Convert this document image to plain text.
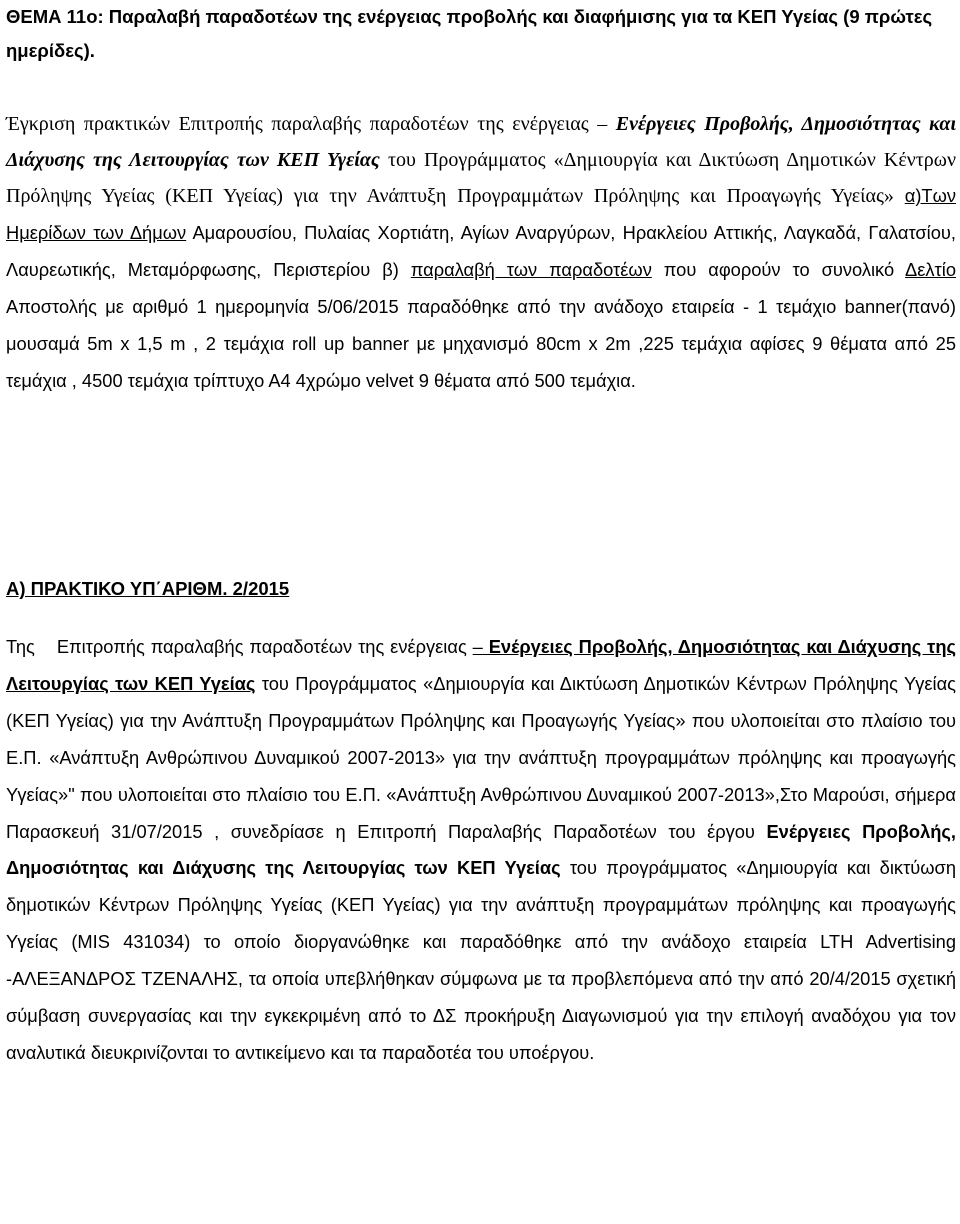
ΘΕΜΑ 11ο: Παραλαβή παραδοτέων της ενέργειας προβολής και διαφήμισης για τα ΚΕΠ Υγείας (9 πρώτες ημερίδες).

Έγκριση πρακτικών Επιτροπής παραλαβής παραδοτέων της ενέργειας – Ενέργειες Προβολής, Δημοσιότητας και Διάχυσης της Λειτουργίας των ΚΕΠ Υγείας του Προγράμματος «Δημιουργία και Δικτύωση Δημοτικών Κέντρων Πρόληψης Υγείας (ΚΕΠ Υγείας) για την Ανάπτυξη Προγραμμάτων Πρόληψης και Προαγωγής Υγείας» α)Των Ημερίδων των Δήμων Αμαρουσίου, Πυλαίας Χορτιάτη, Αγίων Αναργύρων, Ηρακλείου Αττικής, Λαγκαδά, Γαλατσίου, Λαυρεωτικής, Μεταμόρφωσης, Περιστερίου β) παραλαβή των παραδοτέων που αφορούν το συνολικό Δελτίο Αποστολής με αριθμό 1 ημερομηνία 5/06/2015 παραδόθηκε από την ανάδοχο εταιρεία - 1 τεμάχιο banner(πανό) μουσαμά 5m x 1,5 m , 2 τεμάχια roll up banner με μηχανισμό 80cm x 2m ,225 τεμάχια αφίσες 9 θέματα από 25 τεμάχια , 4500 τεμάχια τρίπτυχο Α4 4χρώμο velvet 9 θέματα από 500 τεμάχια.

Α) ΠΡΑΚΤΙΚΟ ΥΠ΄ΑΡΙΘΜ. 2/2015

Της Επιτροπής παραλαβής παραδοτέων της ενέργειας – Ενέργειες Προβολής, Δημοσιότητας και Διάχυσης της Λειτουργίας των ΚΕΠ Υγείας του Προγράμματος «Δημιουργία και Δικτύωση Δημοτικών Κέντρων Πρόληψης Υγείας (ΚΕΠ Υγείας) για την Ανάπτυξη Προγραμμάτων Πρόληψης και Προαγωγής Υγείας» που υλοποιείται στο πλαίσιο του Ε.Π. «Ανάπτυξη Ανθρώπινου Δυναμικού 2007-2013» για την ανάπτυξη προγραμμάτων πρόληψης και προαγωγής Υγείας»" που υλοποιείται στο πλαίσιο του Ε.Π. «Ανάπτυξη Ανθρώπινου Δυναμικού 2007-2013»,Στο Μαρούσι, σήμερα Παρασκευή 31/07/2015 , συνεδρίασε η Επιτροπή Παραλαβής Παραδοτέων του έργου Ενέργειες Προβολής, Δημοσιότητας και Διάχυσης της Λειτουργίας των ΚΕΠ Υγείας του προγράμματος «Δημιουργία και δικτύωση δημοτικών Κέντρων Πρόληψης Υγείας (ΚΕΠ Υγείας) για την ανάπτυξη προγραμμάτων πρόληψης και προαγωγής Υγείας (MIS 431034) το οποίο διοργανώθηκε και παραδόθηκε από την ανάδοχο εταιρεία LTH Advertising -ΑΛΕΞΑΝΔΡΟΣ ΤΖΕΝΑΛΗΣ, τα οποία υπεβλήθηκαν σύμφωνα με τα προβλεπόμενα από την από 20/4/2015 σχετική σύμβαση συνεργασίας και την εγκεκριμένη από το ΔΣ προκήρυξη Διαγωνισμού για την επιλογή αναδόχου για τον αναλυτικά διευκρινίζονται το αντικείμενο και τα παραδοτέα του υποέργου.
